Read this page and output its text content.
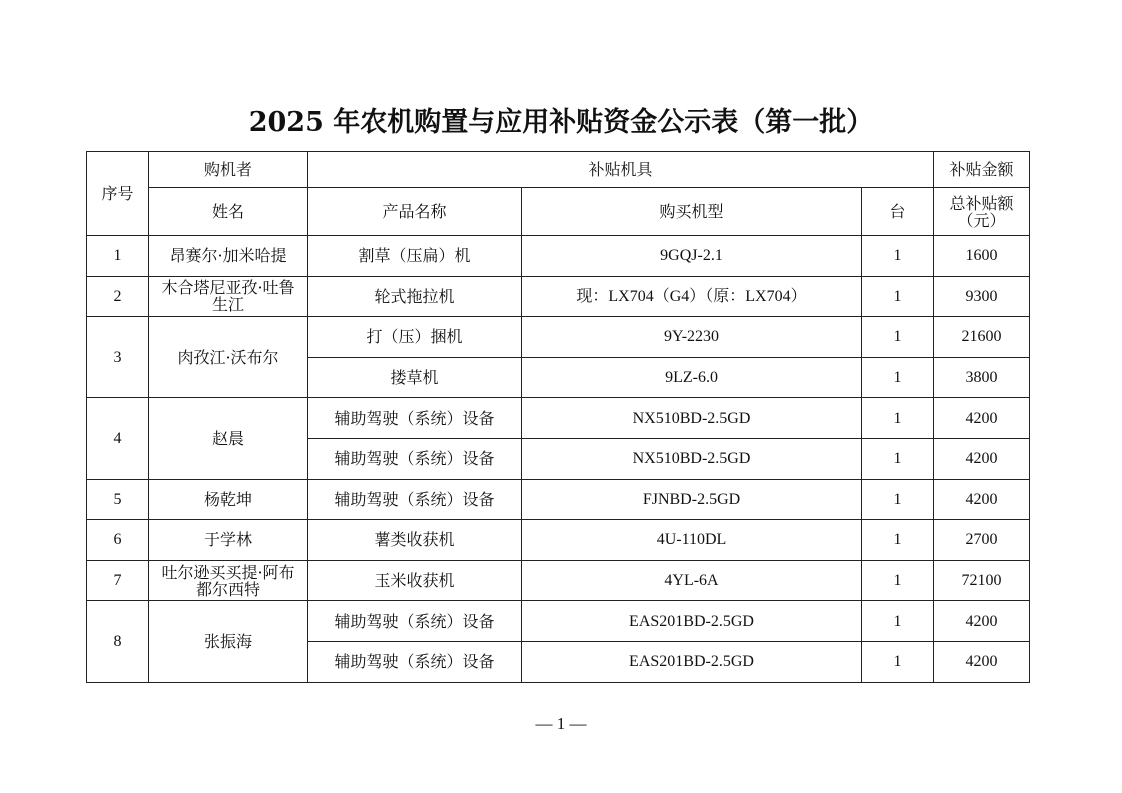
2025 年农机购置与应用补贴资金公示表（第一批）
序号	购机者	补贴机具			补贴金额
	姓名	产品名称	购买机型	台	总补贴额（元）
1	昂赛尔·加米哈提	割草（压扁）机	9GQJ-2.1	1	1600
2	木合塔尼亚孜·吐鲁生江	轮式拖拉机	现：LX704（G4）（原：LX704）	1	9300
3	肉孜江·沃布尔	打（压）捆机	9Y-2230	1	21600
		搂草机	9LZ-6.0	1	3800
4	赵晨	辅助驾驶（系统）设备	NX510BD-2.5GD	1	4200
		辅助驾驶（系统）设备	NX510BD-2.5GD	1	4200
5	杨乾坤	辅助驾驶（系统）设备	FJNBD-2.5GD	1	4200
6	于学林	薯类收获机	4U-110DL	1	2700
7	吐尔逊买买提·阿布都尔西特	玉米收获机	4YL-6A	1	72100
8	张振海	辅助驾驶（系统）设备	EAS201BD-2.5GD	1	4200
		辅助驾驶（系统）设备	EAS201BD-2.5GD	1	4200
— 1 —
